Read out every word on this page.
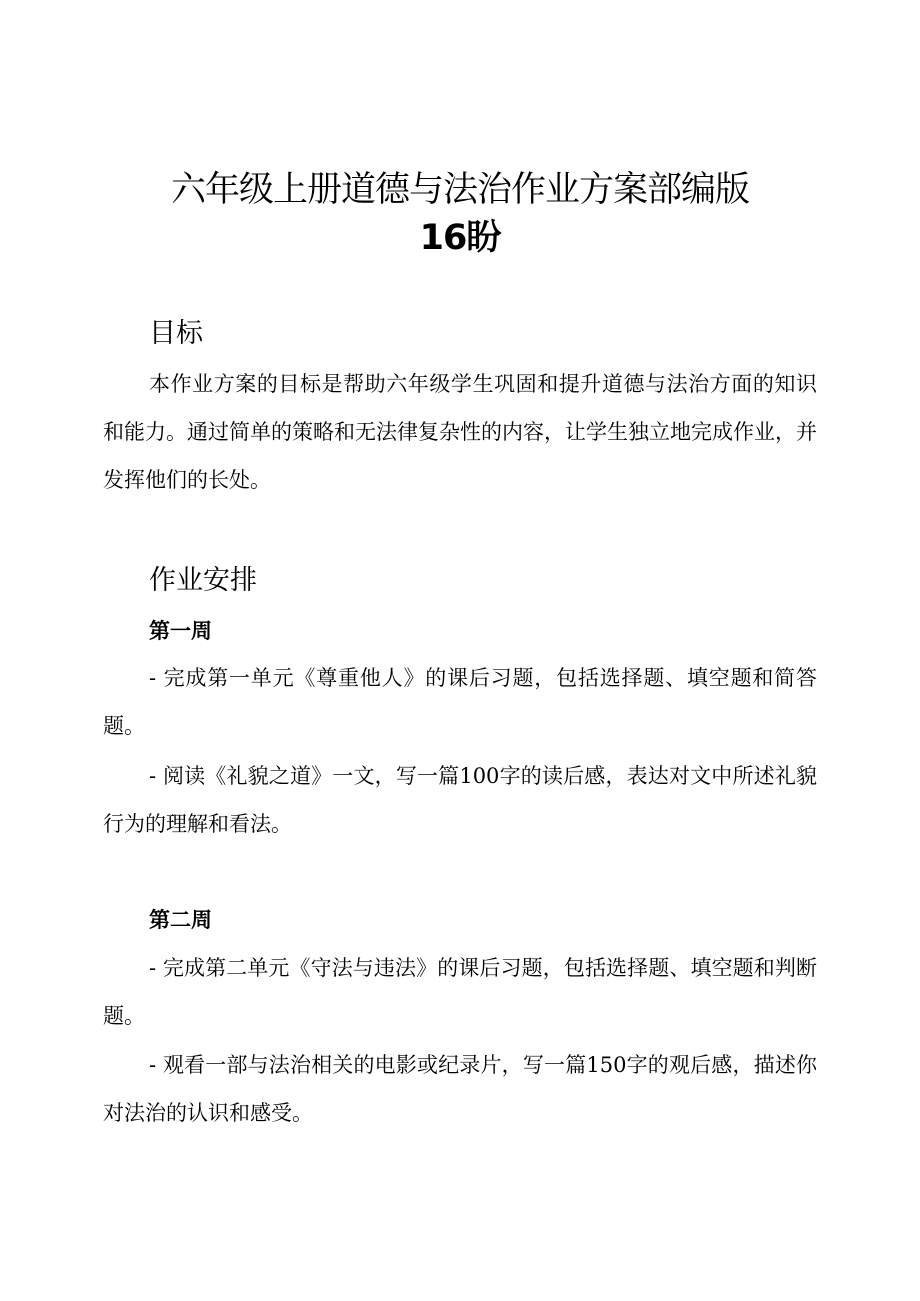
六年级上册道德与法治作业方案部编版
16盼
目标

本作业方案的目标是帮助六年级学生巩固和提升道德与法治方面的知识和能力。通过简单的策略和无法律复杂性的内容，让学生独立地完成作业，并发挥他们的长处。

作业安排
第一周

- 完成第一单元《尊重他人》的课后习题，包括选择题、填空题和简答题。

- 阅读《礼貌之道》一文，写一篇100字的读后感，表达对文中所述礼貌行为的理解和看法。

第二周

- 完成第二单元《守法与违法》的课后习题，包括选择题、填空题和判断题。

- 观看一部与法治相关的电影或纪录片，写一篇150字的观后感，描述你对法治的认识和感受。
